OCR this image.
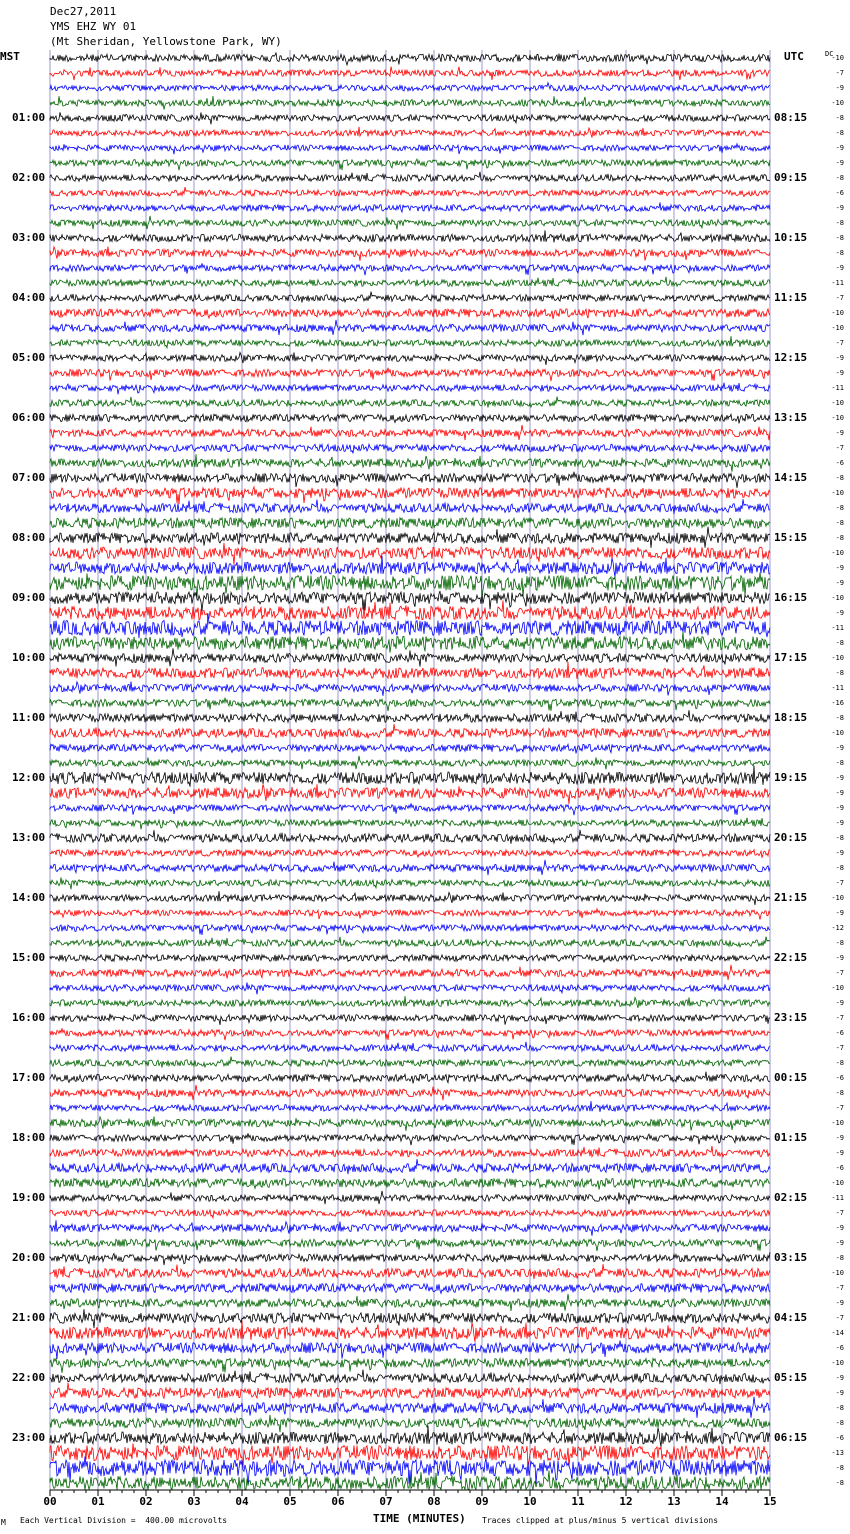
Dec27,2011
YMS EHZ WY 01
(Mt Sheridan, Yellowstone Park, WY)
MST	UTC	DC
00	01	02	03	04	05	06	07	08	09	10	11	12	13	14	15
01:00
02:00
03:00
04:00
05:00
06:00
07:00
08:00
09:00
10:00
11:00
12:00
13:00
14:00
15:00
16:00
17:00
18:00
19:00
20:00
21:00
22:00
23:00
08:15
09:15
10:15
11:15
12:15
13:15
14:15
15:15
16:15
17:15
18:15
19:15
20:15
21:15
22:15
23:15
00:15
01:15
02:15
03:15
04:15
05:15
06:15
-10
-7
-9
-10
-8
-8
-9
-9
-8
-6
-9
-8
-8
-8
-9
-11
-7
-10
-10
-7
-9
-9
-11
-10
-10
-9
-7
-6
-8
-10
-8
-8
-8
-10
-9
-9
-10
-9
-11
-8
-10
-8
-11
-16
-8
-10
-9
-8
-9
-9
-9
-9
-8
-9
-8
-7
-10
-9
-12
-8
-9
-7
-10
-9
-7
-6
-7
-8
-6
-8
-7
-10
-9
-9
-6
-10
-11
-7
-9
-9
-8
-10
-7
-9
-7
-14
-6
-10
-9
-9
-8
-8
-6
-13
-8
-8
TIME (MINUTES)
M Each Vertical Division =  400.00 microvolts	Traces clipped at plus/minus 5 vertical divisions
